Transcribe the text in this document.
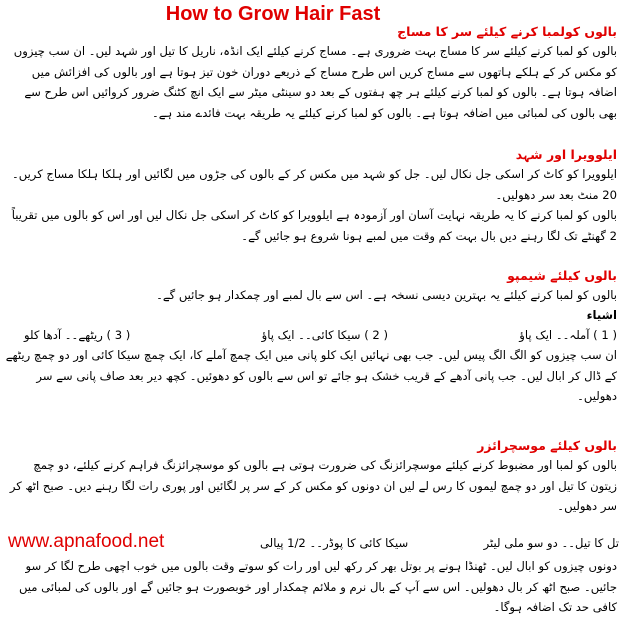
How to Grow Hair Fast

بالوں کولمبا کرنے کیلئے سر کا مساج

بالوں کو لمبا کرنے کیلئے سر کا مساج بہت ضروری ہے۔ مساج کرنے کیلئے ایک انڈہ، ناریل کا تیل اور شہد لیں۔ ان سب چیزوں کو مکس کر کے ہلکے ہاتھوں سے مساج کریں اس طرح مساج کے ذریعے دوران خون تیز ہوتا ہے اور بالوں کی افزائش میں اضافہ ہوتا ہے۔ بالوں کو لمبا کرنے کیلئے ہر چھ ہفتوں کے بعد دو سینٹی میٹر سے ایک انچ کٹنگ ضرور کروائیں اس طرح سے بھی بالوں کی لمبائی میں اضافہ ہوتا ہے۔ بالوں کو لمبا کرنے کیلئے یہ طریقہ بہت فائدے مند ہے۔

ایلوویرا اور شہد

ایلوویرا کو کاٹ کر اسکی جل نکال لیں۔ جل کو شہد میں مکس کر کے بالوں کی جڑوں میں لگائیں اور ہلکا ہلکا مساج کریں۔ 20 منٹ بعد سر دھولیں۔

بالوں کو لمبا کرنے کا یہ طریقہ نہایت آسان اور آزمودہ ہے ایلوویرا کو کاٹ کر اسکی جل نکال لیں اور اس کو بالوں میں تقریباً 2 گھنٹے تک لگا رہنے دیں بال بہت کم وقت میں لمبے ہونا شروع ہو جائیں گے۔

بالوں کیلئے شیمپو

بالوں کو لمبا کرنے کیلئے یہ بہترین دیسی نسخہ ہے۔ اس سے بال لمبے اور چمکدار ہو جائیں گے۔

اشیاء

( 1 ) آملہ۔۔ ایک پاؤ
( 2 ) سیکا کائی۔۔ ایک پاؤ
( 3 ) ریٹھے۔۔ آدھا کلو

ان سب چیزوں کو الگ الگ پیس لیں۔ جب بھی نہائیں ایک کلو پانی میں ایک چمچ آملے کا، ایک چمچ سیکا کائی اور دو چمچ ریٹھے کے ڈال کر ابال لیں۔ جب پانی آدھے کے قریب خشک ہو جائے تو اس سے بالوں کو دھوئیں۔ کچھ دیر بعد صاف پانی سے سر دھولیں۔

بالوں کیلئے موسچرائزر

بالوں کو لمبا اور مضبوط کرنے کیلئے موسچرائزنگ کی ضرورت ہوتی ہے بالوں کو موسچرائزنگ فراہم کرنے کیلئے، دو چمچ زیتون کا تیل اور دو چمچ لیموں کا رس لے لیں ان دونوں کو مکس کر کے سر پر لگائیں اور پوری رات لگا رہنے دیں۔ صبح اٹھ کر سر دھولیں۔

www.apnafood.net	تل کا تیل۔۔ دو سو ملی لیٹر
سیکا کائی کا پوڈر۔۔ 1/2 پیالی

دونوں چیزوں کو ابال لیں۔ ٹھنڈا ہونے پر بوتل بھر کر رکھ لیں اور رات کو سوتے وقت بالوں میں خوب اچھی طرح لگا کر سو جائیں۔ صبح اٹھ کر بال دھولیں۔ اس سے آپ کے بال نرم و ملائم چمکدار اور خوبصورت ہو جائیں گے اور بالوں کی لمبائی میں کافی حد تک اضافہ ہوگا۔
